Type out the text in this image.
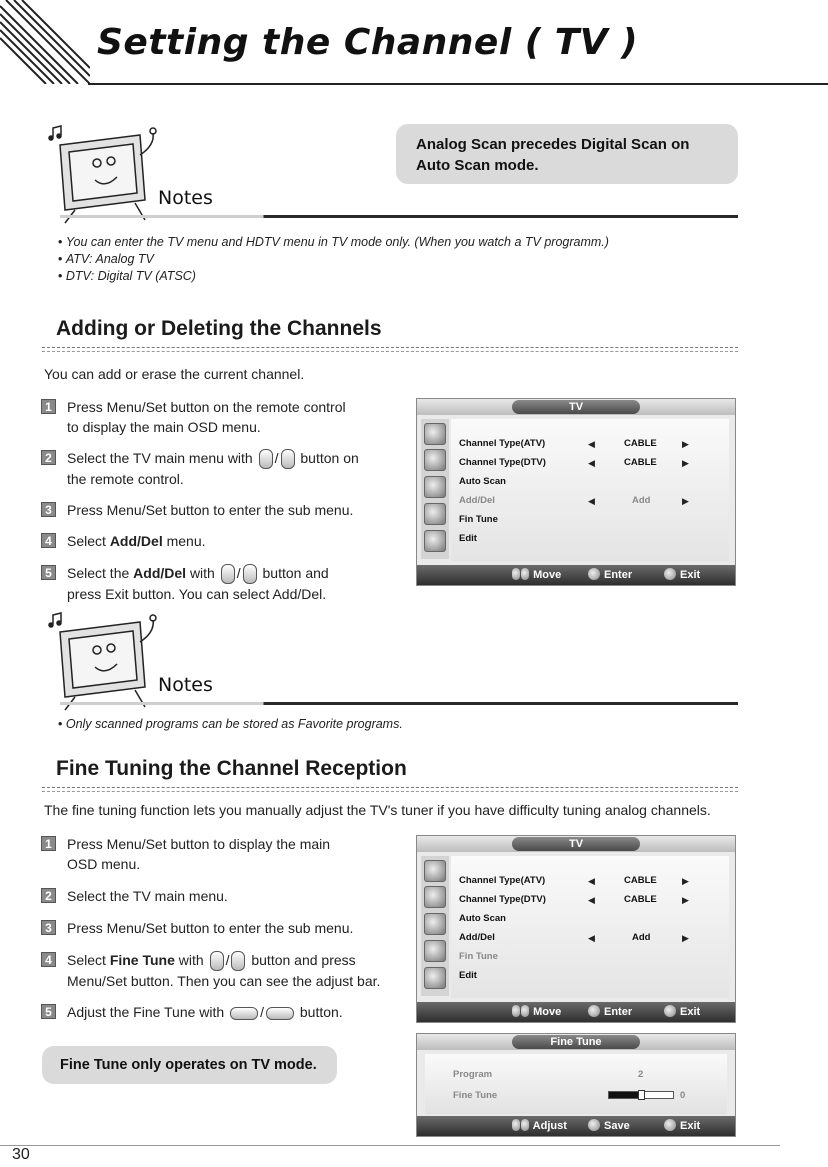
Setting the Channel ( TV )
Notes
Analog Scan precedes Digital Scan on Auto Scan mode.
• You can enter the TV menu and HDTV menu in TV mode only. (When you watch a TV programm.)
• ATV: Analog TV
• DTV: Digital TV (ATSC)
Adding or Deleting the Channels
You can add or erase the current channel.
1 Press Menu/Set button on the remote control
to display the main OSD menu.
2 Select the TV main menu with / button on
the remote control.
3 Press Menu/Set button to enter the sub menu.
4 Select Add/Del menu.
5 Select the Add/Del with / button and
press Exit button. You can select Add/Del.
TV
Channel Type(ATV)	◀	CABLE	▶
Channel Type(DTV)	◀	CABLE	▶
Auto Scan
Add/Del	◀	Add	▶
Fin Tune
Edit
Move	Enter	Exit
Notes
• Only scanned programs can be stored as Favorite programs.
Fine Tuning the Channel Reception
The fine tuning function lets you manually adjust the TV's tuner if you have difficulty tuning analog channels.
1 Press Menu/Set button to display the main
OSD menu.
2 Select the TV main menu.
3 Press Menu/Set button to enter the sub menu.
4 Select Fine Tune with / button and press
Menu/Set button. Then you can see the adjust bar.
5 Adjust the Fine Tune with	/	button.
Fine Tune only operates on TV mode.
TV
Channel Type(ATV)	◀	CABLE	▶
Channel Type(DTV)	◀	CABLE	▶
Auto Scan
Add/Del	◀	Add	▶
Fin Tune
Edit
Move	Enter	Exit
Fine Tune
Program	2
Fine Tune	0
Adjust	Save	Exit
30
